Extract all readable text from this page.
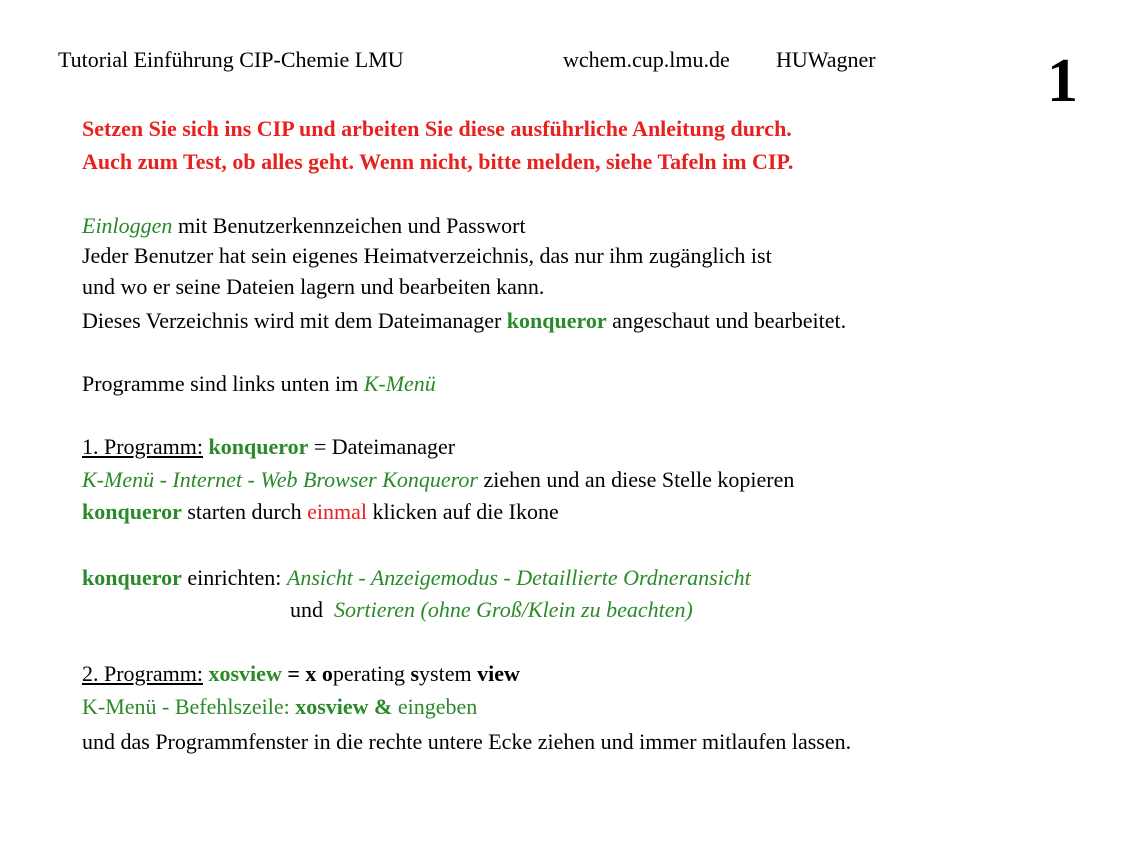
Tutorial Einführung CIP-Chemie LMU	wchem.cup.lmu.de HUWagner	1
Setzen Sie sich ins CIP und arbeiten Sie diese ausführliche Anleitung durch.
Auch zum Test, ob alles geht. Wenn nicht, bitte melden, siehe Tafeln im CIP.
Einloggen mit Benutzerkennzeichen und Passwort
Jeder Benutzer hat sein eigenes Heimatverzeichnis, das nur ihm zugänglich ist
und wo er seine Dateien lagern und bearbeiten kann.
Dieses Verzeichnis wird mit dem Dateimanager konqueror angeschaut und bearbeitet.
Programme sind links unten im K-Menü
1. Programm: konqueror = Dateimanager
K-Menü - Internet - Web Browser Konqueror ziehen und an diese Stelle kopieren
konqueror starten durch einmal klicken auf die Ikone
konqueror einrichten: Ansicht - Anzeigemodus - Detaillierte Ordneransicht
und  Sortieren (ohne Groß/Klein zu beachten)
2. Programm: xosview = x operating system view
K-Menü - Befehlszeile: xosview & eingeben
und das Programmfenster in die rechte untere Ecke ziehen und immer mitlaufen lassen.
